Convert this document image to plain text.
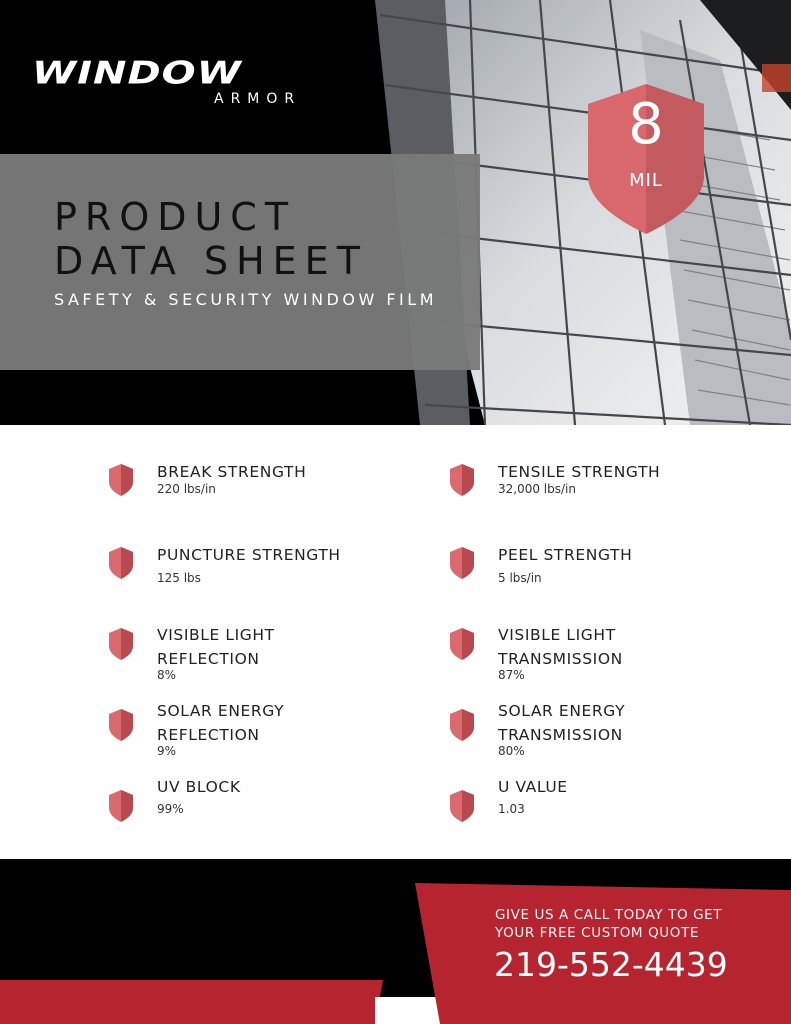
WINDOW
ARMOR
PRODUCT
DATA SHEET
SAFETY & SECURITY WINDOW FILM
8
MIL
BREAK STRENGTH
220 lbs/in
TENSILE STRENGTH
32,000 lbs/in
PUNCTURE STRENGTH
125 lbs
PEEL STRENGTH
5 lbs/in
VISIBLE LIGHT REFLECTION
8%
VISIBLE LIGHT TRANSMISSION
87%
SOLAR ENERGY REFLECTION
9%
SOLAR ENERGY TRANSMISSION
80%
UV BLOCK
99%
U VALUE
1.03
GIVE US A CALL TODAY TO GET
YOUR FREE CUSTOM QUOTE
219-552-4439
